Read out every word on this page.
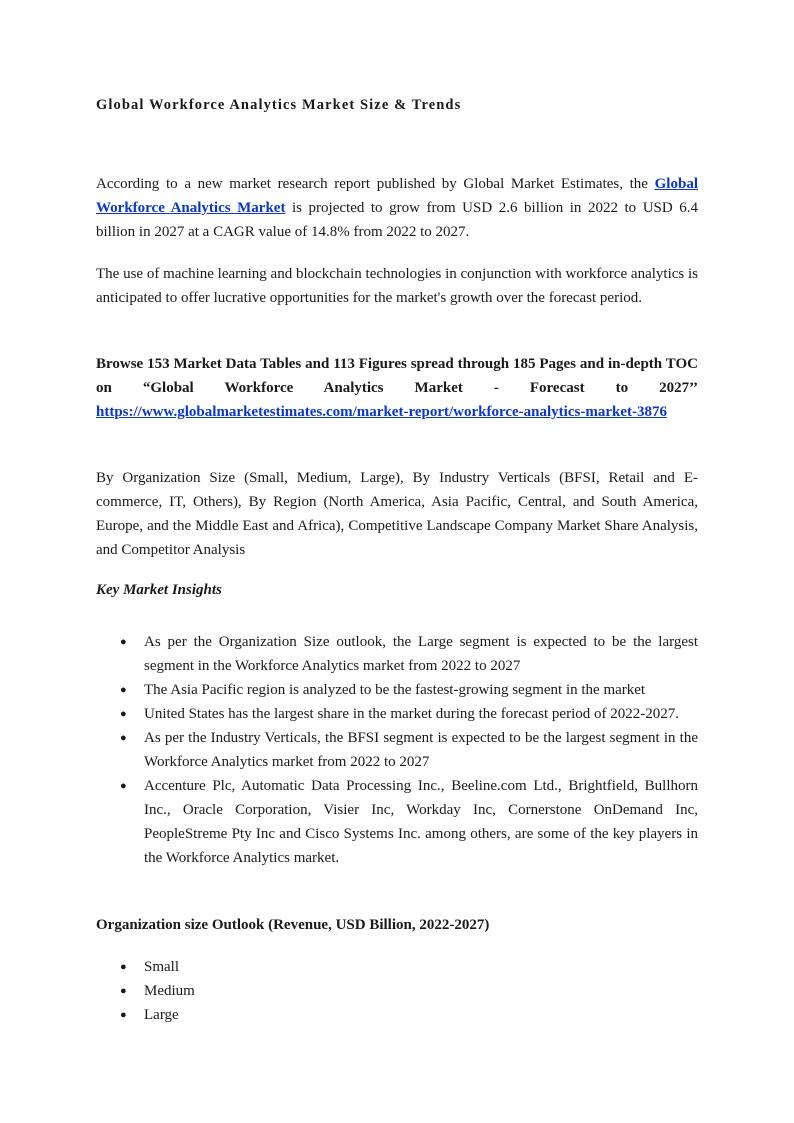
Global Workforce Analytics Market Size & Trends

According to a new market research report published by Global Market Estimates, the Global Workforce Analytics Market is projected to grow from USD 2.6 billion in 2022 to USD 6.4 billion in 2027 at a CAGR value of 14.8% from 2022 to 2027.

The use of machine learning and blockchain technologies in conjunction with workforce analytics is anticipated to offer lucrative opportunities for the market's growth over the forecast period.

Browse 153 Market Data Tables and 113 Figures spread through 185 Pages and in-depth TOC on “Global Workforce Analytics Market - Forecast to 2027’’ https://www.globalmarketestimates.com/market-report/workforce-analytics-market-3876

By Organization Size (Small, Medium, Large), By Industry Verticals (BFSI, Retail and E-commerce, IT, Others), By Region (North America, Asia Pacific, Central, and South America, Europe, and the Middle East and Africa), Competitive Landscape Company Market Share Analysis, and Competitor Analysis

Key Market Insights
● As per the Organization Size outlook, the Large segment is expected to be the largest segment in the Workforce Analytics market from 2022 to 2027
● The Asia Pacific region is analyzed to be the fastest-growing segment in the market
● United States has the largest share in the market during the forecast period of 2022-2027.
● As per the Industry Verticals, the BFSI segment is expected to be the largest segment in the Workforce Analytics market from 2022 to 2027
● Accenture Plc, Automatic Data Processing Inc., Beeline.com Ltd., Brightfield, Bullhorn Inc., Oracle Corporation, Visier Inc, Workday Inc, Cornerstone OnDemand Inc, PeopleStreme Pty Inc and Cisco Systems Inc. among others, are some of the key players in the Workforce Analytics market.
Organization size Outlook (Revenue, USD Billion, 2022-2027)
● Small
● Medium
● Large
